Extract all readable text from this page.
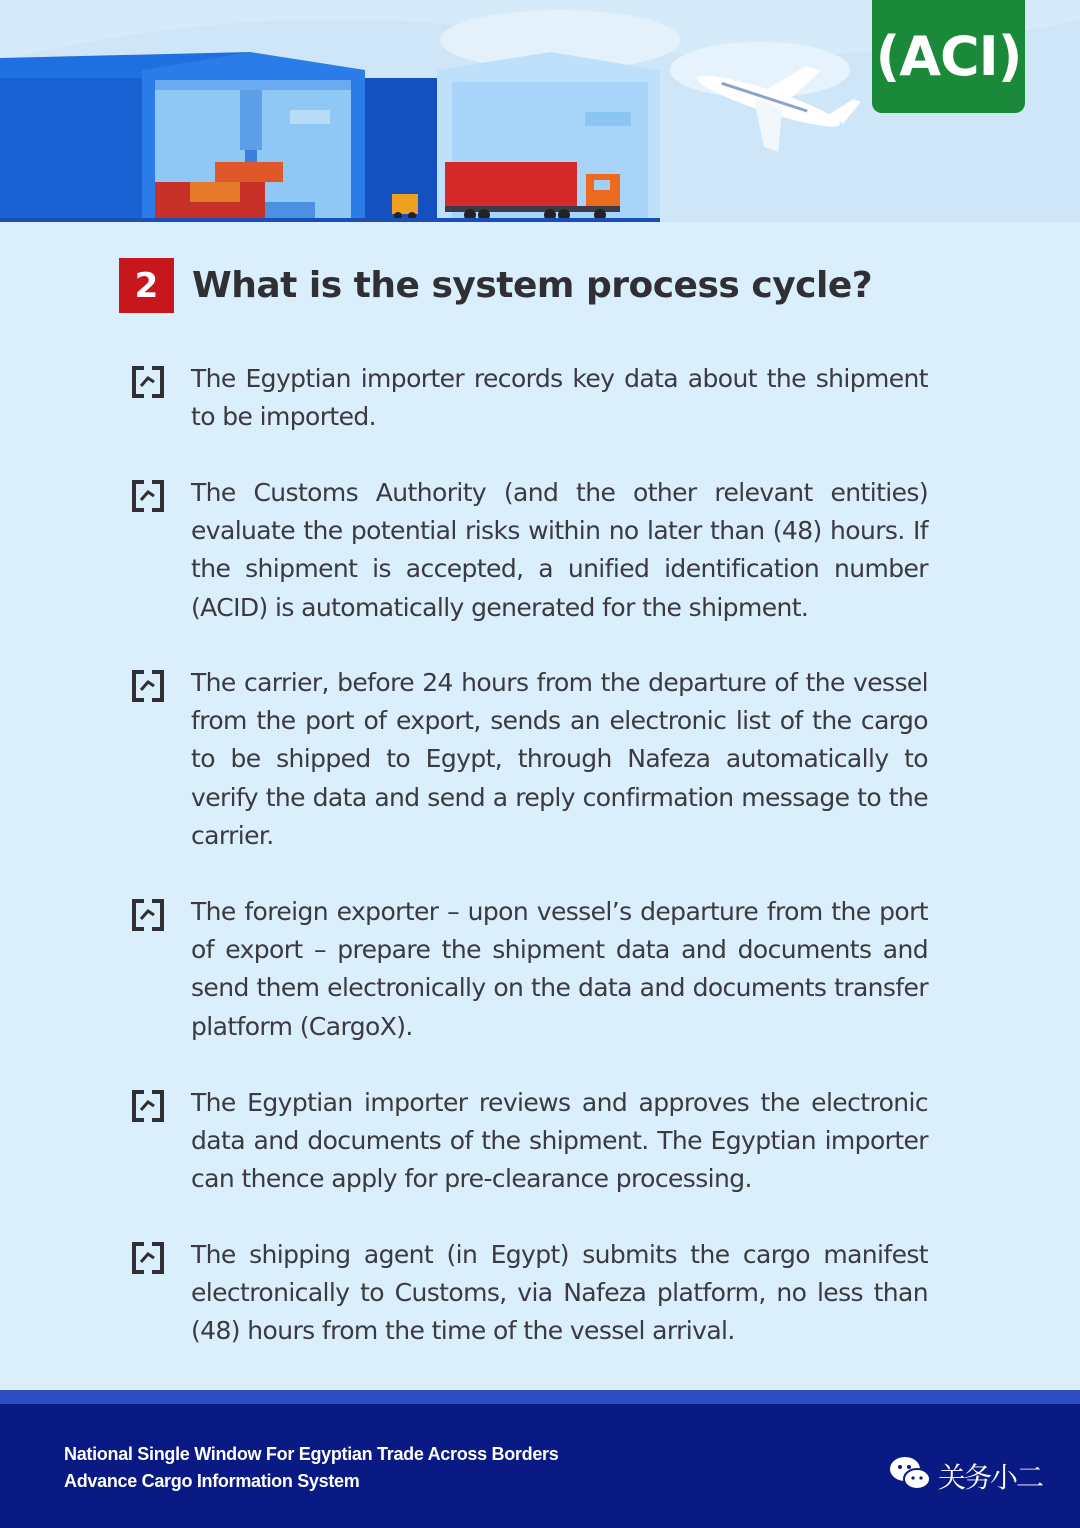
(ACI)
2 What is the system process cycle?
The Egyptian importer records key data about the shipment to be imported.
The Customs Authority (and the other relevant entities) evaluate the potential risks within no later than (48) hours. If the shipment is accepted, a unified identification number (ACID) is automatically generated for the shipment.
The carrier, before 24 hours from the departure of the vessel from the port of export, sends an electronic list of the cargo to be shipped to Egypt, through Nafeza automatically to verify the data and send a reply confirmation message to the carrier.
The foreign exporter – upon vessel’s departure from the port of export – prepare the shipment data and documents and send them electronically on the data and documents transfer platform (CargoX).
The Egyptian importer reviews and approves the electronic data and documents of the shipment. The Egyptian importer can thence apply for pre-clearance processing.
The shipping agent (in Egypt) submits the cargo manifest electronically to Customs, via Nafeza platform, no less than (48) hours from the time of the vessel arrival.
National Single Window For Egyptian Trade Across Borders
Advance Cargo Information System	关务小二
